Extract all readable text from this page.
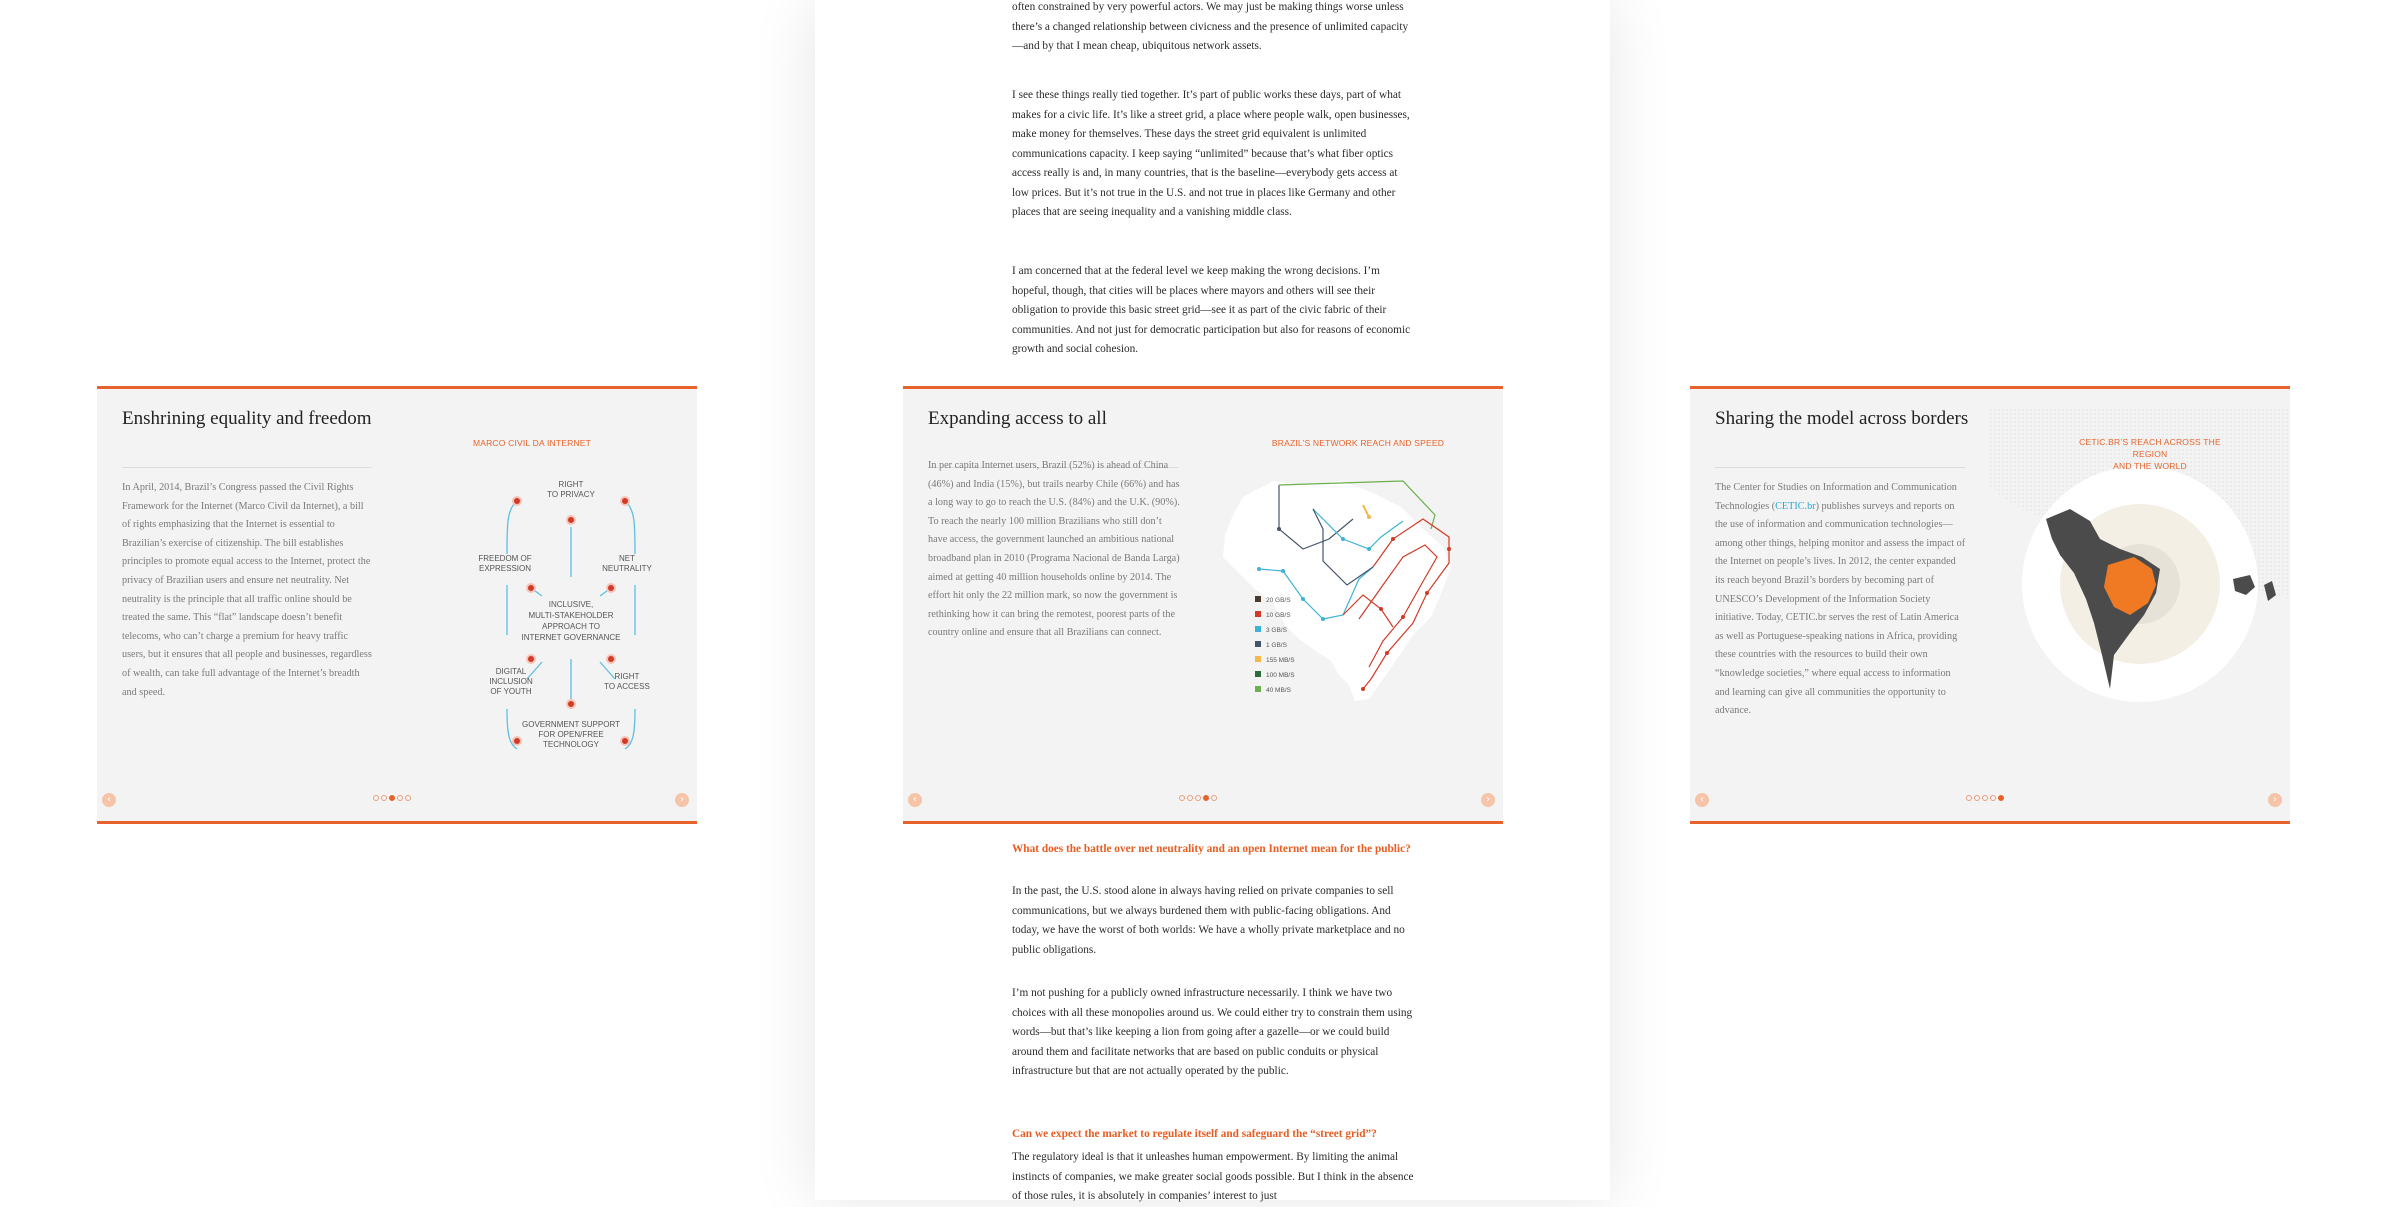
often constrained by very powerful actors. We may just be making things worse unless there’s a changed relationship between civicness and the presence of unlimited capacity—and by that I mean cheap, ubiquitous network assets.

I see these things really tied together. It’s part of public works these days, part of what makes for a civic life. It’s like a street grid, a place where people walk, open businesses, make money for themselves. These days the street grid equivalent is unlimited communications capacity. I keep saying “unlimited” because that’s what fiber optics access really is and, in many countries, that is the baseline—everybody gets access at low prices. But it’s not true in the U.S. and not true in places like Germany and other places that are seeing inequality and a vanishing middle class.

I am concerned that at the federal level we keep making the wrong decisions. I’m hopeful, though, that cities will be places where mayors and others will see their obligation to provide this basic street grid—see it as part of the civic fabric of their communities. And not just for democratic participation but also for reasons of economic growth and social cohesion.

What does the battle over net neutrality and an open Internet mean for the public?

In the past, the U.S. stood alone in always having relied on private companies to sell communications, but we always burdened them with public-facing obligations. And today, we have the worst of both worlds: We have a wholly private marketplace and no public obligations.

I’m not pushing for a publicly owned infrastructure necessarily. I think we have two choices with all these monopolies around us. We could either try to constrain them using words—but that’s like keeping a lion from going after a gazelle—or we could build around them and facilitate networks that are based on public conduits or physical infrastructure but that are not actually operated by the public.

Can we expect the market to regulate itself and safeguard the “street grid”?

The regulatory ideal is that it unleashes human empowerment. By limiting the animal instincts of companies, we make greater social goods possible. But I think in the absence of those rules, it is absolutely in companies’ interest to just

Enshrining equality and freedom
In April, 2014, Brazil’s Congress passed the Civil Rights Framework for the Internet (Marco Civil da Internet), a bill of rights emphasizing that the Internet is essential to Brazilian’s exercise of citizenship. The bill establishes principles to promote equal access to the Internet, protect the privacy of Brazilian users and ensure net neutrality. Net neutrality is the principle that all traffic online should be treated the same. This “flat” landscape doesn’t benefit telecoms, who can’t charge a premium for heavy traffic users, but it ensures that all people and businesses, regardless of wealth, can take full advantage of the Internet’s breadth and speed.
MARCO CIVIL DA INTERNET
RIGHT
TO PRIVACY
FREEDOM OF
EXPRESSION
NET
NEUTRALITY
INCLUSIVE,
MULTI-STAKEHOLDER
APPROACH TO
INTERNET GOVERNANCE
DIGITAL
INCLUSION
OF YOUTH
RIGHT
TO ACCESS
GOVERNMENT SUPPORT
FOR OPEN/FREE
TECHNOLOGY
‹	›
Expanding access to all
In per capita Internet users, Brazil (52%) is ahead of China (46%) and India (15%), but trails nearby Chile (66%) and has a long way to go to reach the U.S. (84%) and the U.K. (90%). To reach the nearly 100 million Brazilians who still don’t have access, the government launched an ambitious national broadband plan in 2010 (Programa Nacional de Banda Larga) aimed at getting 40 million households online by 2014. The effort hit only the 22 million mark, so now the government is rethinking how it can bring the remotest, poorest parts of the country online and ensure that all Brazilians can connect.
BRAZIL’S NETWORK REACH AND SPEED
20 GB/S
10 GB/S
3 GB/S
1 GB/S
155 MB/S
100 MB/S
40 MB/S
‹	›
Sharing the model across borders
The Center for Studies on Information and Communication Technologies (CETIC.br) publishes surveys and reports on the use of information and communication technologies—among other things, helping monitor and assess the impact of the Internet on people’s lives. In 2012, the center expanded its reach beyond Brazil’s borders by becoming part of UNESCO’s Development of the Information Society initiative. Today, CETIC.br serves the rest of Latin America as well as Portuguese-speaking nations in Africa, providing these countries with the resources to build their own “knowledge societies,” where equal access to information and learning can give all communities the opportunity to advance.
CETIC.BR’S REACH ACROSS THE REGION
AND THE WORLD
‹	›
